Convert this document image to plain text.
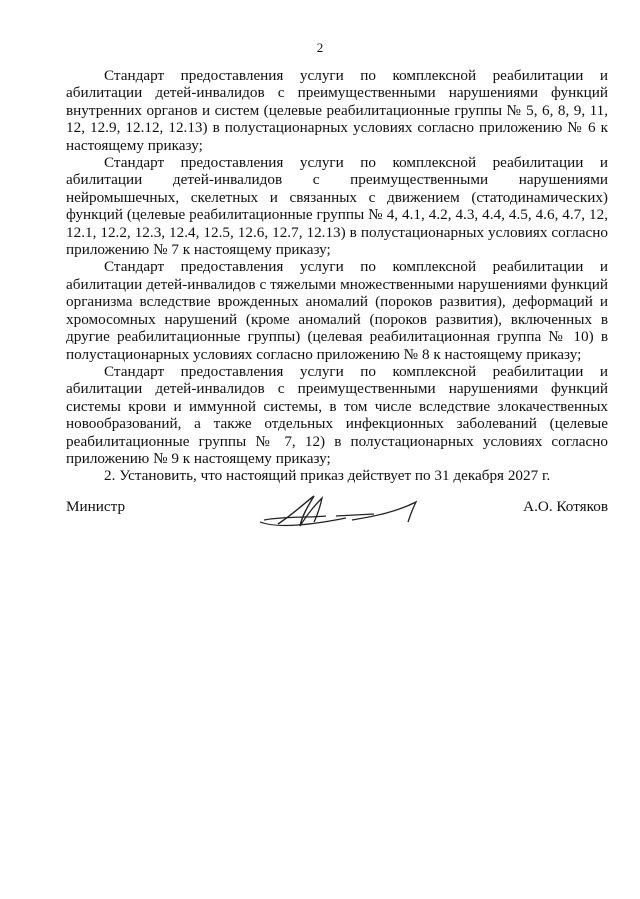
2

Стандарт предоставления услуги по комплексной реабилитации и абилитации детей-инвалидов с преимущественными нарушениями функций внутренних органов и систем (целевые реабилитационные группы № 5, 6, 8, 9, 11, 12, 12.9, 12.12, 12.13) в полустационарных условиях согласно приложению № 6 к настоящему приказу;

Стандарт предоставления услуги по комплексной реабилитации и абилитации детей-инвалидов с преимущественными нарушениями нейромышечных, скелетных и связанных с движением (статодинамических) функций (целевые реабилитационные группы № 4, 4.1, 4.2, 4.3, 4.4, 4.5, 4.6, 4.7, 12, 12.1, 12.2, 12.3, 12.4, 12.5, 12.6, 12.7, 12.13) в полустационарных условиях согласно приложению № 7 к настоящему приказу;

Стандарт предоставления услуги по комплексной реабилитации и абилитации детей-инвалидов с тяжелыми множественными нарушениями функций организма вследствие врожденных аномалий (пороков развития), деформаций и хромосомных нарушений (кроме аномалий (пороков развития), включенных в другие реабилитационные группы) (целевая реабилитационная группа № 10) в полустационарных условиях согласно приложению № 8 к настоящему приказу;

Стандарт предоставления услуги по комплексной реабилитации и абилитации детей-инвалидов с преимущественными нарушениями функций системы крови и иммунной системы, в том числе вследствие злокачественных новообразований, а также отдельных инфекционных заболеваний (целевые реабилитационные группы № 7, 12) в полустационарных условиях согласно приложению № 9 к настоящему приказу;

2. Установить, что настоящий приказ действует по 31 декабря 2027 г.

Министр	А.О. Котяков
